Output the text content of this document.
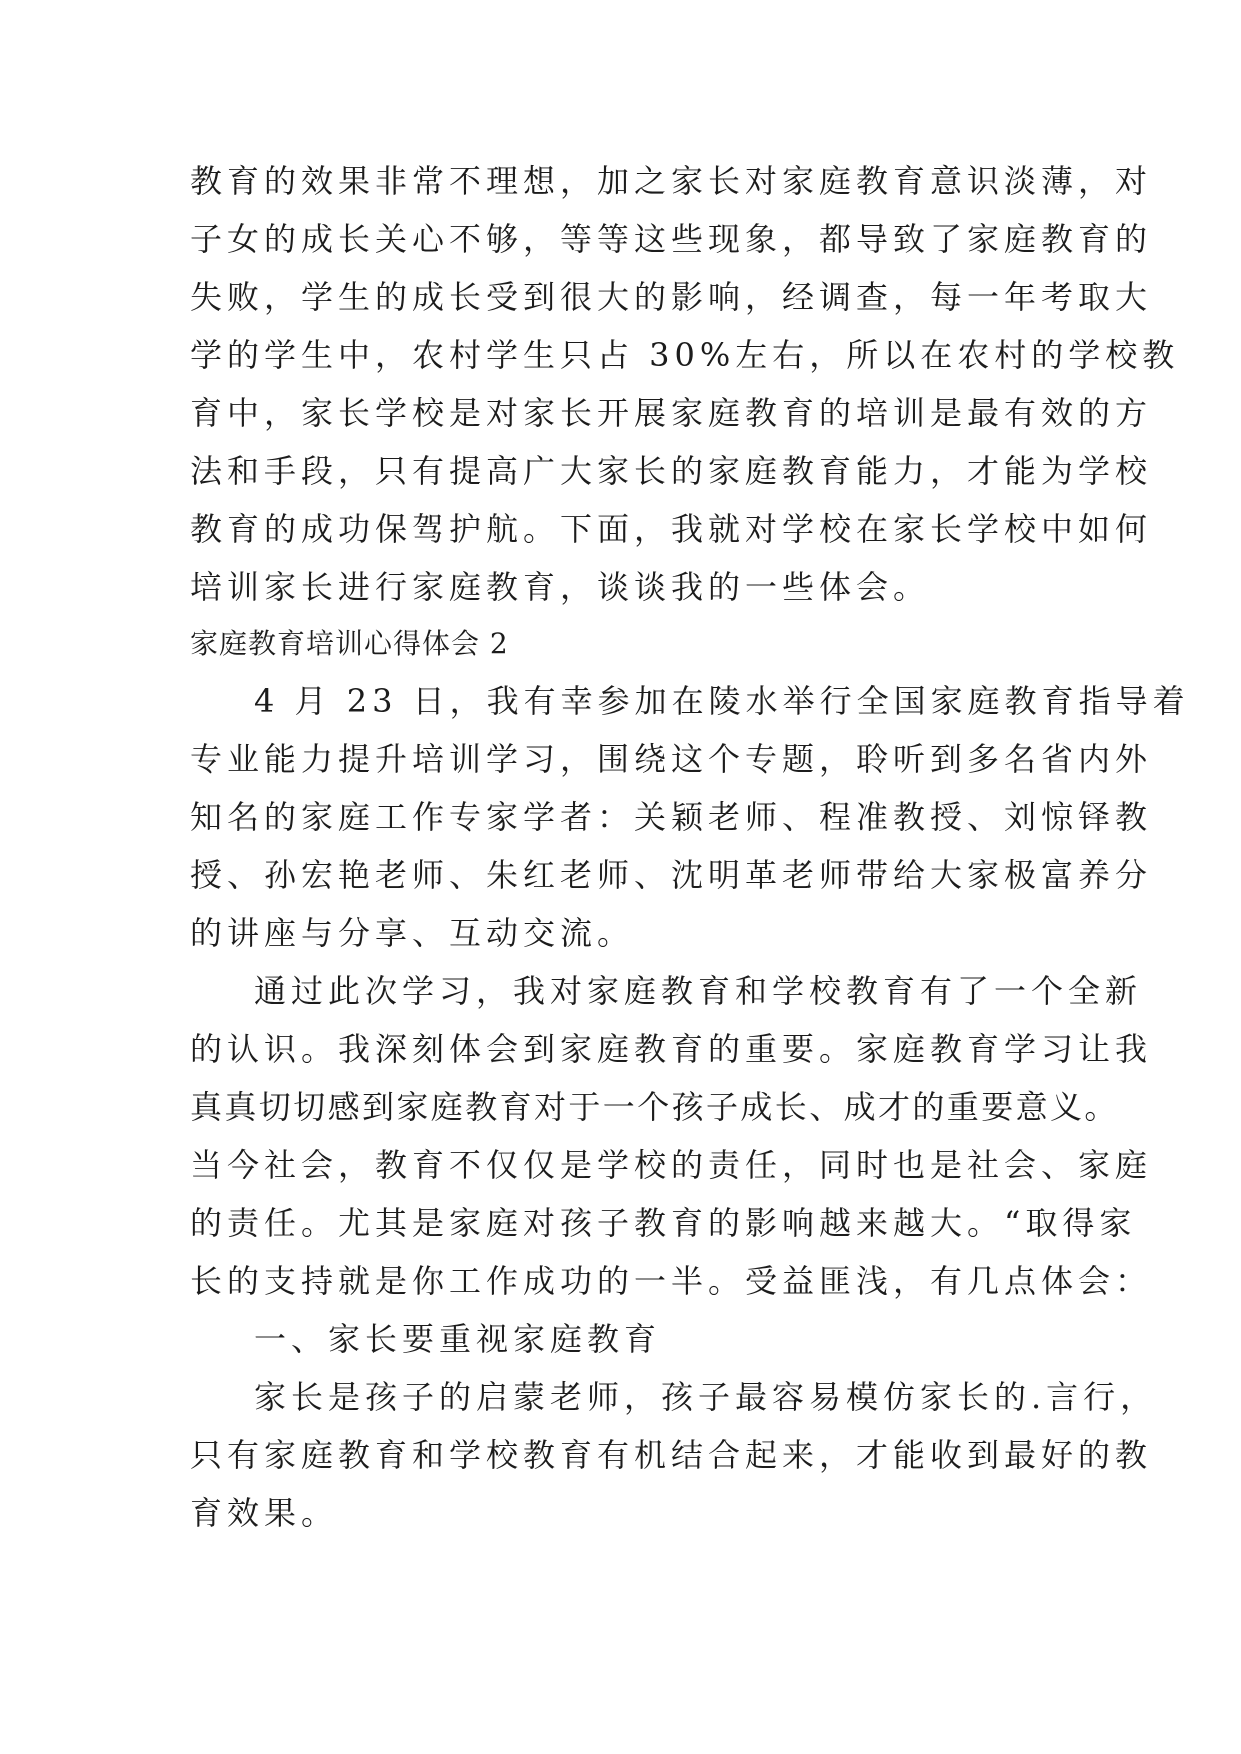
教育的效果非常不理想，加之家长对家庭教育意识淡薄，对
子女的成长关心不够，等等这些现象，都导致了家庭教育的
失败，学生的成长受到很大的影响，经调查，每一年考取大
学的学生中，农村学生只占 30%左右，所以在农村的学校教
育中，家长学校是对家长开展家庭教育的培训是最有效的方
法和手段，只有提高广大家长的家庭教育能力，才能为学校
教育的成功保驾护航。下面，我就对学校在家长学校中如何
培训家长进行家庭教育，谈谈我的一些体会。
家庭教育培训心得体会 2
4 月 23 日，我有幸参加在陵水举行全国家庭教育指导着
专业能力提升培训学习，围绕这个专题，聆听到多名省内外
知名的家庭工作专家学者：关颖老师、程准教授、刘惊铎教
授、孙宏艳老师、朱红老师、沈明革老师带给大家极富养分
的讲座与分享、互动交流。
通过此次学习，我对家庭教育和学校教育有了一个全新
的认识。我深刻体会到家庭教育的重要。家庭教育学习让我
真真切切感到家庭教育对于一个孩子成长、成才的重要意义。
当今社会，教育不仅仅是学校的责任，同时也是社会、家庭
的责任。尤其是家庭对孩子教育的影响越来越大。“取得家
长的支持就是你工作成功的一半。受益匪浅，有几点体会：
一、家长要重视家庭教育
家长是孩子的启蒙老师，孩子最容易模仿家长的.言行，
只有家庭教育和学校教育有机结合起来，才能收到最好的教
育效果。
